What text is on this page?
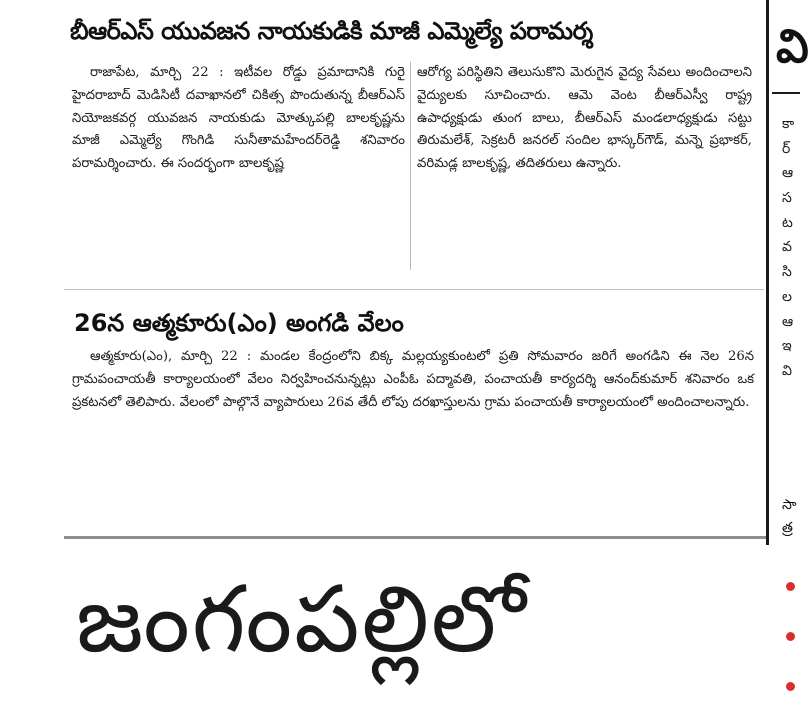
బీఆర్ఎస్ యువజన నాయకుడికి మాజీ ఎమ్మెల్యే పరామర్శ
రాజాపేట, మార్చి 22 : ఇటీవల రోడ్డు ప్రమాదానికి గురై హైదరాబాద్ మెడిసిటీ దవాఖానలో చికిత్స పొందుతున్న బీఆర్ఎస్ నియోజకవర్గ యువజన నాయకుడు మోత్కుపల్లి బాలకృష్ణను మాజీ ఎమ్మెల్యే గొంగిడి సునీతామహేందర్‌రెడ్డి శనివారం పరామర్శించారు. ఈ సందర్భంగా బాలకృష్ణ
ఆరోగ్య పరిస్థితిని తెలుసుకొని మెరుగైన వైద్య సేవలు అందించాలని వైద్యులకు సూచించారు. ఆమె వెంట బీఆర్ఎస్వీ రాష్ట్ర ఉపాధ్యక్షుడు తుంగ బాలు, బీఆర్ఎస్ మండలాధ్యక్షుడు సట్టు తిరుమలేశ్, సెక్రటరీ జనరల్ సందిల భాస్కర్‌గౌడ్, మన్నె ప్రభాకర్, వరిమడ్ల బాలకృష్ణ, తదితరులు ఉన్నారు.
26న ఆత్మకూరు(ఎం) అంగడి వేలం
ఆత్మకూరు(ఎం), మార్చి 22 : మండల కేంద్రంలోని బిక్క మల్లయ్యకుంటలో ప్రతి సోమవారం జరిగే అంగడిని ఈ నెల 26న గ్రామపంచాయతీ కార్యాలయంలో వేలం నిర్వహించనున్నట్లు ఎంపీఓ పద్మావతి, పంచాయతీ కార్యదర్శి ఆనంద్‌కుమార్ శనివారం ఒక ప్రకటనలో తెలిపారు. వేలంలో పాల్గొనే వ్యాపారులు 26వ తేదీ లోపు దరఖాస్తులను గ్రామ పంచాయతీ కార్యాలయంలో అందించాలన్నారు.
జంగంపల్లిలో
వి
కా
ర్
ఆ
స
ట
వ
సి
ల
ఆ
ఇ
వి
సా
త్ర
